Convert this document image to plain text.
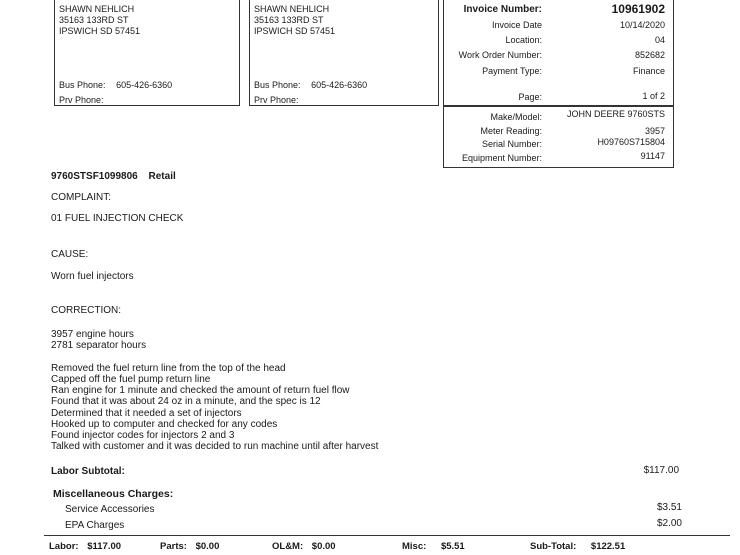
SHAWN NEHLICH
35163 133RD ST
IPSWICH SD 57451
Bus Phone: 605-426-6360
Prv Phone:
SHAWN NEHLICH
35163 133RD ST
IPSWICH SD 57451
Bus Phone: 605-426-6360
Prv Phone:
Invoice Number:	10961902
Invoice Date	10/14/2020
Location:	04
Work Order Number:	852682
Payment Type:	Finance
Page:	1 of 2
Make/Model:	JOHN DEERE 9760STS
Meter Reading:	3957
Serial Number:	H09760S715804
Equipment Number:	91147
9760STSF1099806 Retail
COMPLAINT:
01 FUEL INJECTION CHECK
CAUSE:
Worn fuel injectors
CORRECTION:
3957 engine hours
2781 separator hours
Removed the fuel return line from the top of the head
Capped off the fuel pump return line
Ran engine for 1 minute and checked the amount of return fuel flow
Found that it was about 24 oz in a minute, and the spec is 12
Determined that it needed a set of injectors
Hooked up to computer and checked for any codes
Found injector codes for injectors 2 and 3
Talked with customer and it was decided to run machine until after harvest
Labor Subtotal:	$117.00
Miscellaneous Charges:
Service Accessories	$3.51
EPA Charges	$2.00
Labor: $117.00	Parts: $0.00	OL&M: $0.00	Misc: $5.51	Sub-Total: $122.51
